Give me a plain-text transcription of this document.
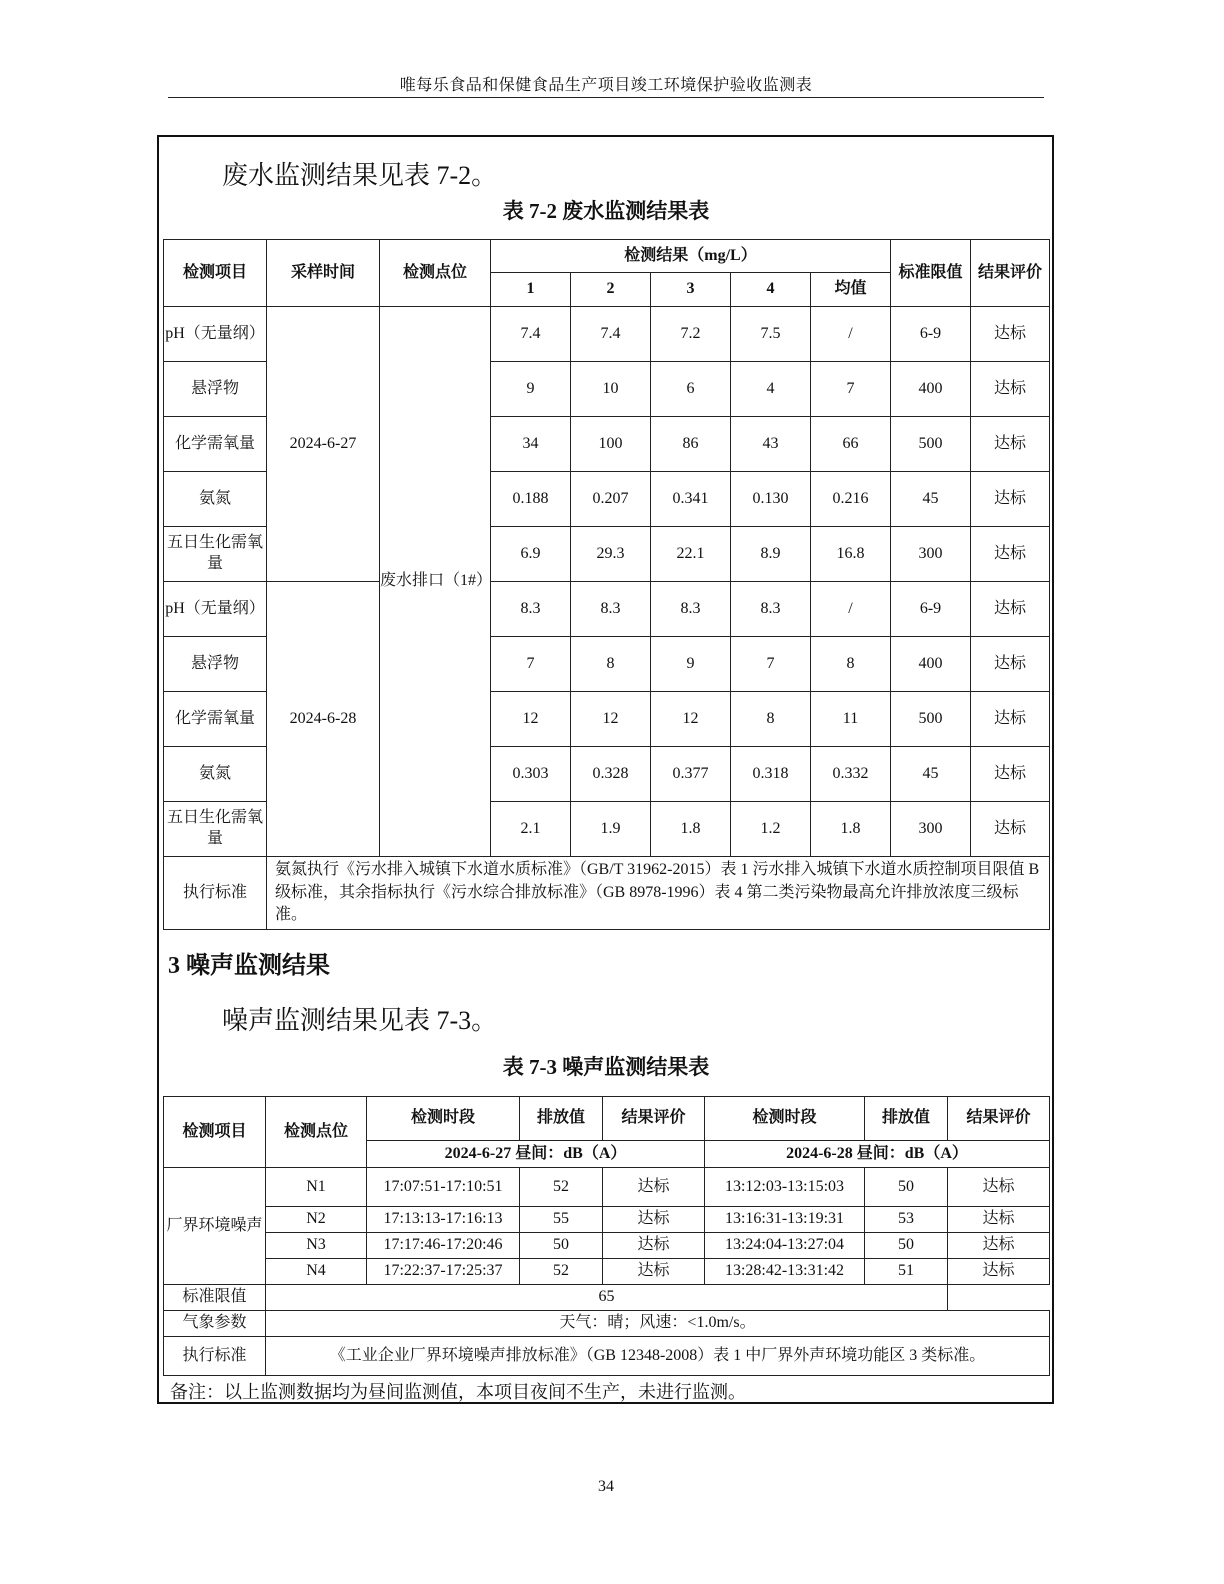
唯每乐食品和保健食品生产项目竣工环境保护验收监测表
废水监测结果见表 7-2。
表 7-2 废水监测结果表
检测项目	采样时间	检测点位	检测结果（mg/L）					标准限值	结果评价
			1	2	3	4	均值		
pH（无量纲）	2024-6-27	废水排口（1#）	7.4	7.4	7.2	7.5	/	6-9	达标
悬浮物			9	10	6	4	7	400	达标
化学需氧量			34	100	86	43	66	500	达标
氨氮			0.188	0.207	0.341	0.130	0.216	45	达标
五日生化需氧量			6.9	29.3	22.1	8.9	16.8	300	达标
pH（无量纲）	2024-6-28		8.3	8.3	8.3	8.3	/	6-9	达标
悬浮物			7	8	9	7	8	400	达标
化学需氧量			12	12	12	8	11	500	达标
氨氮			0.303	0.328	0.377	0.318	0.332	45	达标
五日生化需氧量			2.1	1.9	1.8	1.2	1.8	300	达标
执行标准	氨氮执行《污水排入城镇下水道水质标准》（GB/T 31962-2015）表 1 污水排入城镇下水道水质控制项目限值 B 级标准，其余指标执行《污水综合排放标准》（GB 8978-1996）表 4 第二类污染物最高允许排放浓度三级标准。								
3 噪声监测结果
噪声监测结果见表 7-3。
表 7-3 噪声监测结果表
检测项目	检测点位	检测时段	排放值	结果评价	检测时段	排放值	结果评价
		2024-6-27 昼间：dB（A）			2024-6-28 昼间：dB（A）		
厂界环境噪声	N1	17:07:51-17:10:51	52	达标	13:12:03-13:15:03	50	达标
	N2	17:13:13-17:16:13	55	达标	13:16:31-13:19:31	53	达标
	N3	17:17:46-17:20:46	50	达标	13:24:04-13:27:04	50	达标
	N4	17:22:37-17:25:37	52	达标	13:28:42-13:31:42	51	达标
标准限值	65						
气象参数	天气：晴；风速：<1.0m/s。						
执行标准	《工业企业厂界环境噪声排放标准》（GB 12348-2008）表 1 中厂界外声环境功能区 3 类标准。						
备注：以上监测数据均为昼间监测值，本项目夜间不生产，未进行监测。
34
